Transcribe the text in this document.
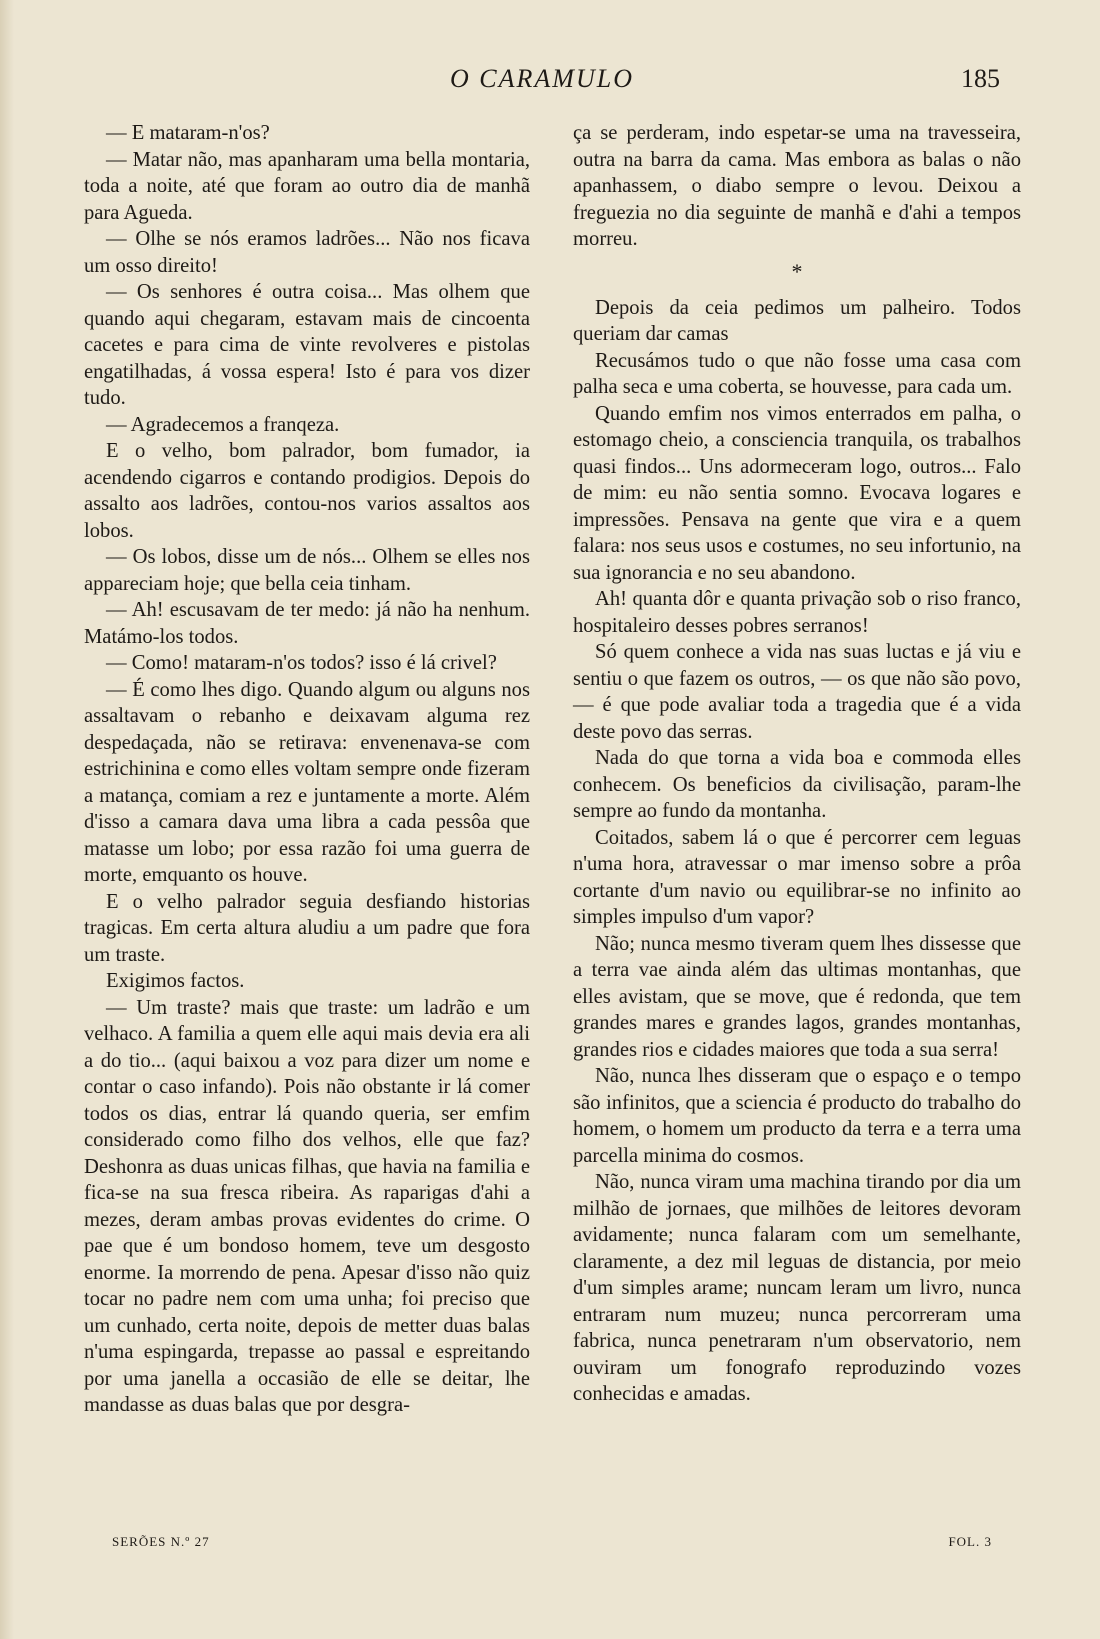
O CARAMULO	185

— E mataram-n'os?

— Matar não, mas apanharam uma bella montaria, toda a noite, até que foram ao outro dia de manhã para Agueda.

— Olhe se nós eramos ladrões... Não nos ficava um osso direito!

— Os senhores é outra coisa... Mas olhem que quando aqui chegaram, estavam mais de cincoenta cacetes e para cima de vinte revolveres e pistolas engatilhadas, á vossa espera! Isto é para vos dizer tudo.

— Agradecemos a franqeza.

E o velho, bom palrador, bom fumador, ia acendendo cigarros e contando prodigios. Depois do assalto aos ladrões, contou-nos varios assaltos aos lobos.

— Os lobos, disse um de nós... Olhem se elles nos appareciam hoje; que bella ceia tinham.

— Ah! escusavam de ter medo: já não ha nenhum. Matámo-los todos.

— Como! mataram-n'os todos? isso é lá crivel?

— É como lhes digo. Quando algum ou alguns nos assaltavam o rebanho e deixavam alguma rez despedaçada, não se retirava: envenenava-se com estrichinina e como elles voltam sempre onde fizeram a matança, comiam a rez e juntamente a morte. Além d'isso a camara dava uma libra a cada pessôa que matasse um lobo; por essa razão foi uma guerra de morte, emquanto os houve.

E o velho palrador seguia desfiando historias tragicas. Em certa altura aludiu a um padre que fora um traste.

Exigimos factos.

— Um traste? mais que traste: um ladrão e um velhaco. A familia a quem elle aqui mais devia era ali a do tio... (aqui baixou a voz para dizer um nome e contar o caso infando). Pois não obstante ir lá comer todos os dias, entrar lá quando queria, ser emfim considerado como filho dos velhos, elle que faz? Deshonra as duas unicas filhas, que havia na familia e fica-se na sua fresca ribeira. As raparigas d'ahi a mezes, deram ambas provas evidentes do crime. O pae que é um bondoso homem, teve um desgosto enorme. Ia morrendo de pena. Apesar d'isso não quiz tocar no padre nem com uma unha; foi preciso que um cunhado, certa noite, depois de metter duas balas n'uma espingarda, trepasse ao passal e espreitando por uma janella a occasião de elle se deitar, lhe mandasse as duas balas que por desgra-

ça se perderam, indo espetar-se uma na travesseira, outra na barra da cama. Mas embora as balas o não apanhassem, o diabo sempre o levou. Deixou a freguezia no dia seguinte de manhã e d'ahi a tempos morreu.

*

Depois da ceia pedimos um palheiro. Todos queriam dar camas

Recusámos tudo o que não fosse uma casa com palha seca e uma coberta, se houvesse, para cada um.

Quando emfim nos vimos enterrados em palha, o estomago cheio, a consciencia tranquila, os trabalhos quasi findos... Uns adormeceram logo, outros... Falo de mim: eu não sentia somno. Evocava logares e impressões. Pensava na gente que vira e a quem falara: nos seus usos e costumes, no seu infortunio, na sua ignorancia e no seu abandono.

Ah! quanta dôr e quanta privação sob o riso franco, hospitaleiro desses pobres serranos!

Só quem conhece a vida nas suas luctas e já viu e sentiu o que fazem os outros, — os que não são povo, — é que pode avaliar toda a tragedia que é a vida deste povo das serras.

Nada do que torna a vida boa e commoda elles conhecem. Os beneficios da civilisação, param-lhe sempre ao fundo da montanha.

Coitados, sabem lá o que é percorrer cem leguas n'uma hora, atravessar o mar imenso sobre a prôa cortante d'um navio ou equilibrar-se no infinito ao simples impulso d'um vapor?

Não; nunca mesmo tiveram quem lhes dissesse que a terra vae ainda além das ultimas montanhas, que elles avistam, que se move, que é redonda, que tem grandes mares e grandes lagos, grandes montanhas, grandes rios e cidades maiores que toda a sua serra!

Não, nunca lhes disseram que o espaço e o tempo são infinitos, que a sciencia é producto do trabalho do homem, o homem um producto da terra e a terra uma parcella minima do cosmos.

Não, nunca viram uma machina tirando por dia um milhão de jornaes, que milhões de leitores devoram avidamente; nunca falaram com um semelhante, claramente, a dez mil leguas de distancia, por meio d'um simples arame; nuncam leram um livro, nunca entraram num muzeu; nunca percorreram uma fabrica, nunca penetraram n'um observatorio, nem ouviram um fonografo reproduzindo vozes conhecidas e amadas.

SERÕES N.º 27	FOL. 3
